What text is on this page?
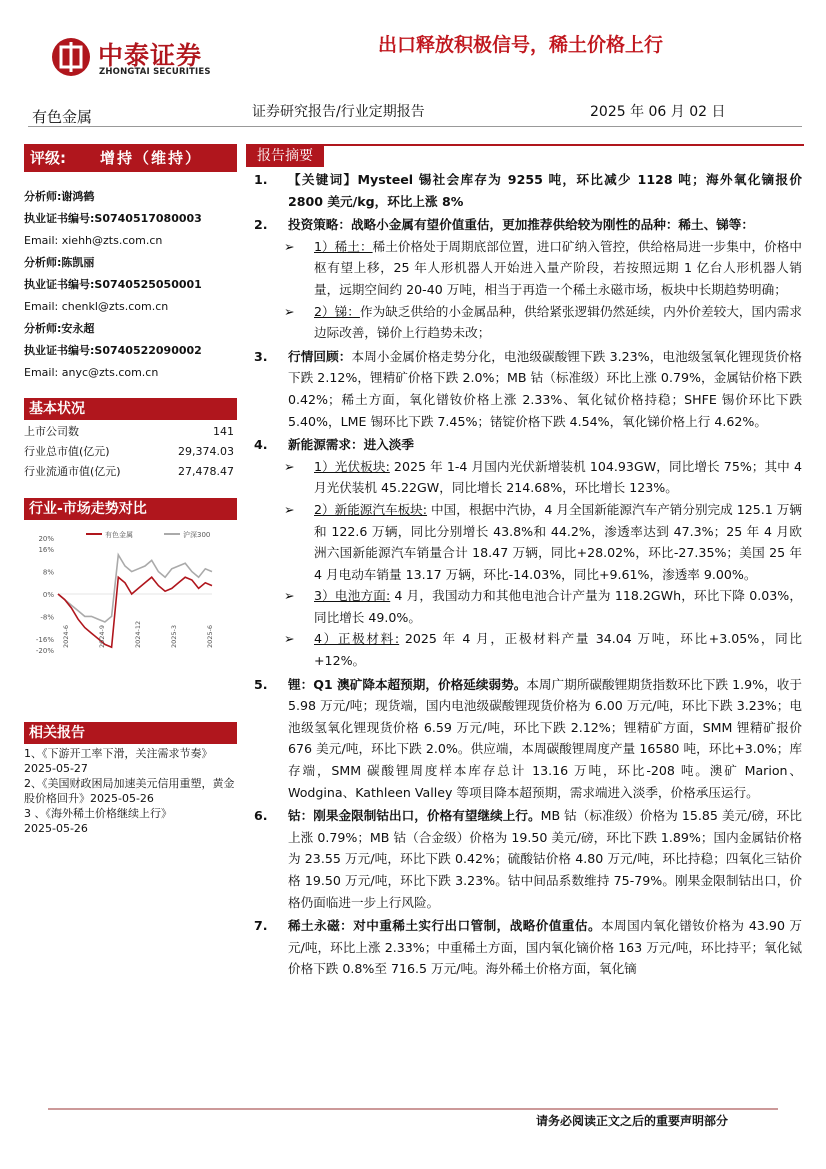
中泰证券
ZHONGTAI SECURITIES
出口释放积极信号，稀土价格上行
有色金属	证券研究报告/行业定期报告	2025 年 06 月 02 日
评级: 增持（维持）
分析师:谢鸿鹤
执业证书编号:S0740517080003
Email: xiehh@zts.com.cn
分析师:陈凯丽
执业证书编号:S0740525050001
Email: chenkl@zts.com.cn
分析师:安永超
执业证书编号:S0740522090002
Email: anyc@zts.com.cn
基本状况
上市公司数	141
行业总市值(亿元)	29,374.03
行业流通市值(亿元)	27,478.47
行业-市场走势对比
20%
16%
8%
0%
-8%
-16%
-20%
有色金属	沪深300
2024-6	2024-9	2024-12	2025-3	2025-6
相关报告
1、《下游开工率下滑，关注需求节奏》
2025-05-27
2、《美国财政困局加速美元信用重塑，黄金股价格回升》2025-05-26
3 、《海外稀土价格继续上行》
2025-05-26
报告摘要
1.	【关键词】Mysteel 锡社会库存为 9255 吨，环比减少 1128 吨；海外氧化镝报价 2800 美元/kg，环比上涨 8%
2.	投资策略：战略小金属有望价值重估，更加推荐供给较为刚性的品种：稀土、锑等：
➢	1）稀土：稀土价格处于周期底部位置，进口矿纳入管控，供给格局进一步集中，价格中枢有望上移，25 年人形机器人开始进入量产阶段，若按照远期 1 亿台人形机器人销量，远期空间约 20-40 万吨，相当于再造一个稀土永磁市场，板块中长期趋势明确；
➢	2）锑：作为缺乏供给的小金属品种，供给紧张逻辑仍然延续，内外价差较大，国内需求边际改善，锑价上行趋势未改；
3.	行情回顾：本周小金属价格走势分化，电池级碳酸锂下跌 3.23%，电池级氢氧化锂现货价格下跌 2.12%，锂精矿价格下跌 2.0%；MB 钴（标准级）环比上涨 0.79%，金属钴价格下跌 0.42%；稀土方面，氧化镨钕价格上涨 2.33%、氧化铽价格持稳；SHFE 锡价环比下跌 5.40%，LME 锡环比下跌 7.45%；锗锭价格下跌 4.54%，氧化锑价格上行 4.62%。
4.	新能源需求：进入淡季
➢	1）光伏板块: 2025 年 1-4 月国内光伏新增装机 104.93GW，同比增长 75%；其中 4 月光伏装机 45.22GW，同比增长 214.68%，环比增长 123%。
➢	2）新能源汽车板块: 中国，根据中汽协，4 月全国新能源汽车产销分别完成 125.1 万辆和 122.6 万辆，同比分别增长 43.8%和 44.2%，渗透率达到 47.3%；25 年 4 月欧洲六国新能源汽车销量合计 18.47 万辆，同比+28.02%，环比-27.35%；美国 25 年 4 月电动车销量 13.17 万辆，环比-14.03%，同比+9.61%，渗透率 9.00%。
➢	3）电池方面: 4 月，我国动力和其他电池合计产量为 118.2GWh，环比下降 0.03%，同比增长 49.0%。
➢	4）正极材料: 2025 年 4 月，正极材料产量 34.04 万吨，环比+3.05%，同比+12%。
5.	锂：Q1 澳矿降本超预期，价格延续弱势。本周广期所碳酸锂期货指数环比下跌 1.9%，收于 5.98 万元/吨；现货端，国内电池级碳酸锂现货价格为 6.00 万元/吨，环比下跌 3.23%；电池级氢氧化锂现货价格 6.59 万元/吨，环比下跌 2.12%；锂精矿方面，SMM 锂精矿报价 676 美元/吨，环比下跌 2.0%。供应端，本周碳酸锂周度产量 16580 吨，环比+3.0%；库存端，SMM 碳酸锂周度样本库存总计 13.16 万吨，环比-208 吨。澳矿 Marion、Wodgina、Kathleen Valley 等项目降本超预期，需求端进入淡季，价格承压运行。
6.	钴：刚果金限制钴出口，价格有望继续上行。MB 钴（标准级）价格为 15.85 美元/磅，环比上涨 0.79%；MB 钴（合金级）价格为 19.50 美元/磅，环比下跌 1.89%；国内金属钴价格为 23.55 万元/吨，环比下跌 0.42%；硫酸钴价格 4.80 万元/吨，环比持稳；四氧化三钴价格 19.50 万元/吨，环比下跌 3.23%。钴中间品系数维持 75-79%。刚果金限制钴出口，价格仍面临进一步上行风险。
7.	稀土永磁：对中重稀土实行出口管制，战略价值重估。本周国内氧化镨钕价格为 43.90 万元/吨，环比上涨 2.33%；中重稀土方面，国内氧化镝价格 163 万元/吨，环比持平；氧化铽价格下跌 0.8%至 716.5 万元/吨。海外稀土价格方面，氧化镝
请务必阅读正文之后的重要声明部分
